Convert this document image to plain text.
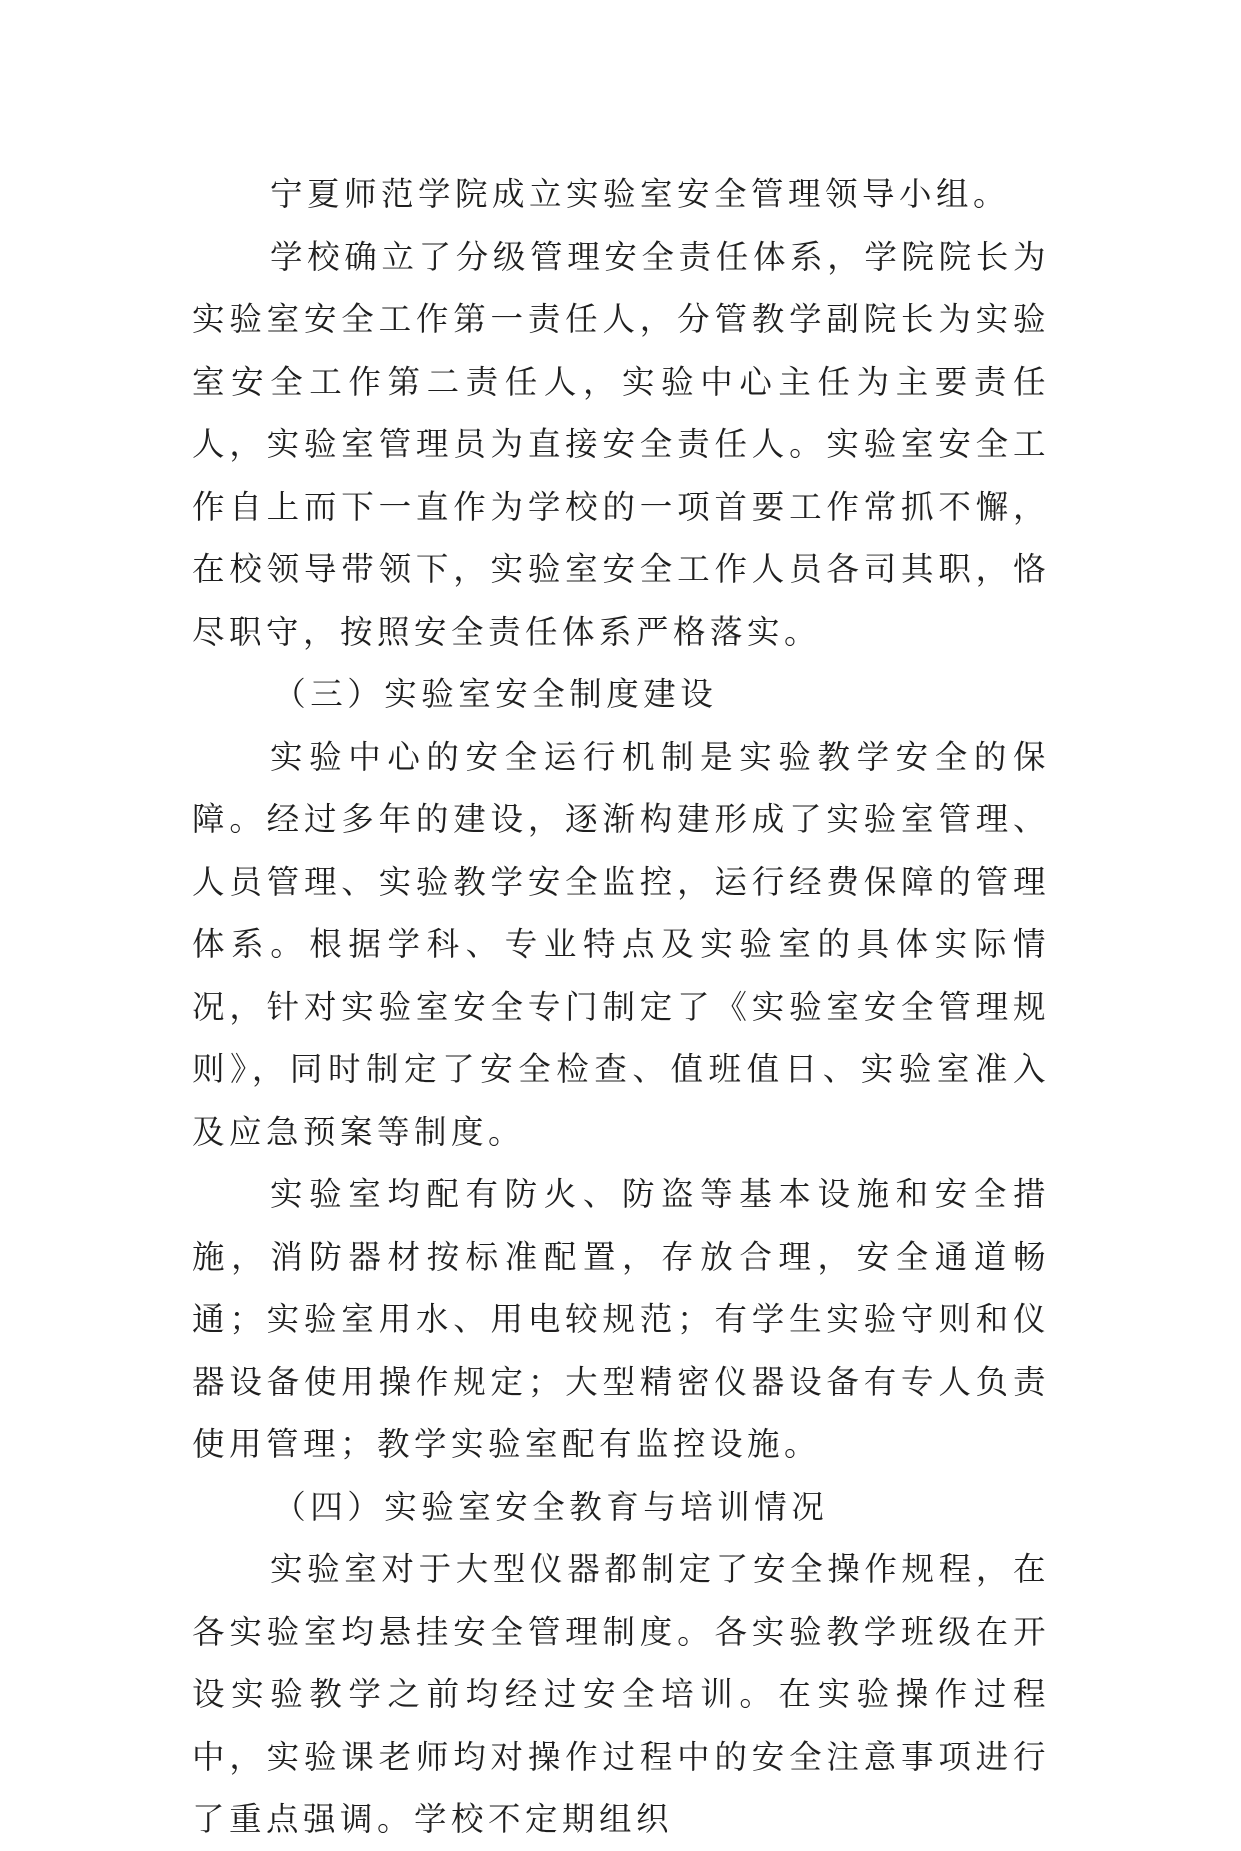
宁夏师范学院成立实验室安全管理领导小组。

学校确立了分级管理安全责任体系，学院院长为实验室安全工作第一责任人，分管教学副院长为实验室安全工作第二责任人，实验中心主任为主要责任人，实验室管理员为直接安全责任人。实验室安全工作自上而下一直作为学校的一项首要工作常抓不懈，在校领导带领下，实验室安全工作人员各司其职，恪尽职守，按照安全责任体系严格落实。

（三）实验室安全制度建设

实验中心的安全运行机制是实验教学安全的保障。经过多年的建设，逐渐构建形成了实验室管理、人员管理、实验教学安全监控，运行经费保障的管理体系。根据学科、专业特点及实验室的具体实际情况，针对实验室安全专门制定了《实验室安全管理规则》，同时制定了安全检查、值班值日、实验室准入及应急预案等制度。

实验室均配有防火、防盗等基本设施和安全措施，消防器材按标准配置，存放合理，安全通道畅通；实验室用水、用电较规范；有学生实验守则和仪器设备使用操作规定；大型精密仪器设备有专人负责使用管理；教学实验室配有监控设施。

（四）实验室安全教育与培训情况

实验室对于大型仪器都制定了安全操作规程，在各实验室均悬挂安全管理制度。各实验教学班级在开设实验教学之前均经过安全培训。在实验操作过程中，实验课老师均对操作过程中的安全注意事项进行了重点强调。学校不定期组织
